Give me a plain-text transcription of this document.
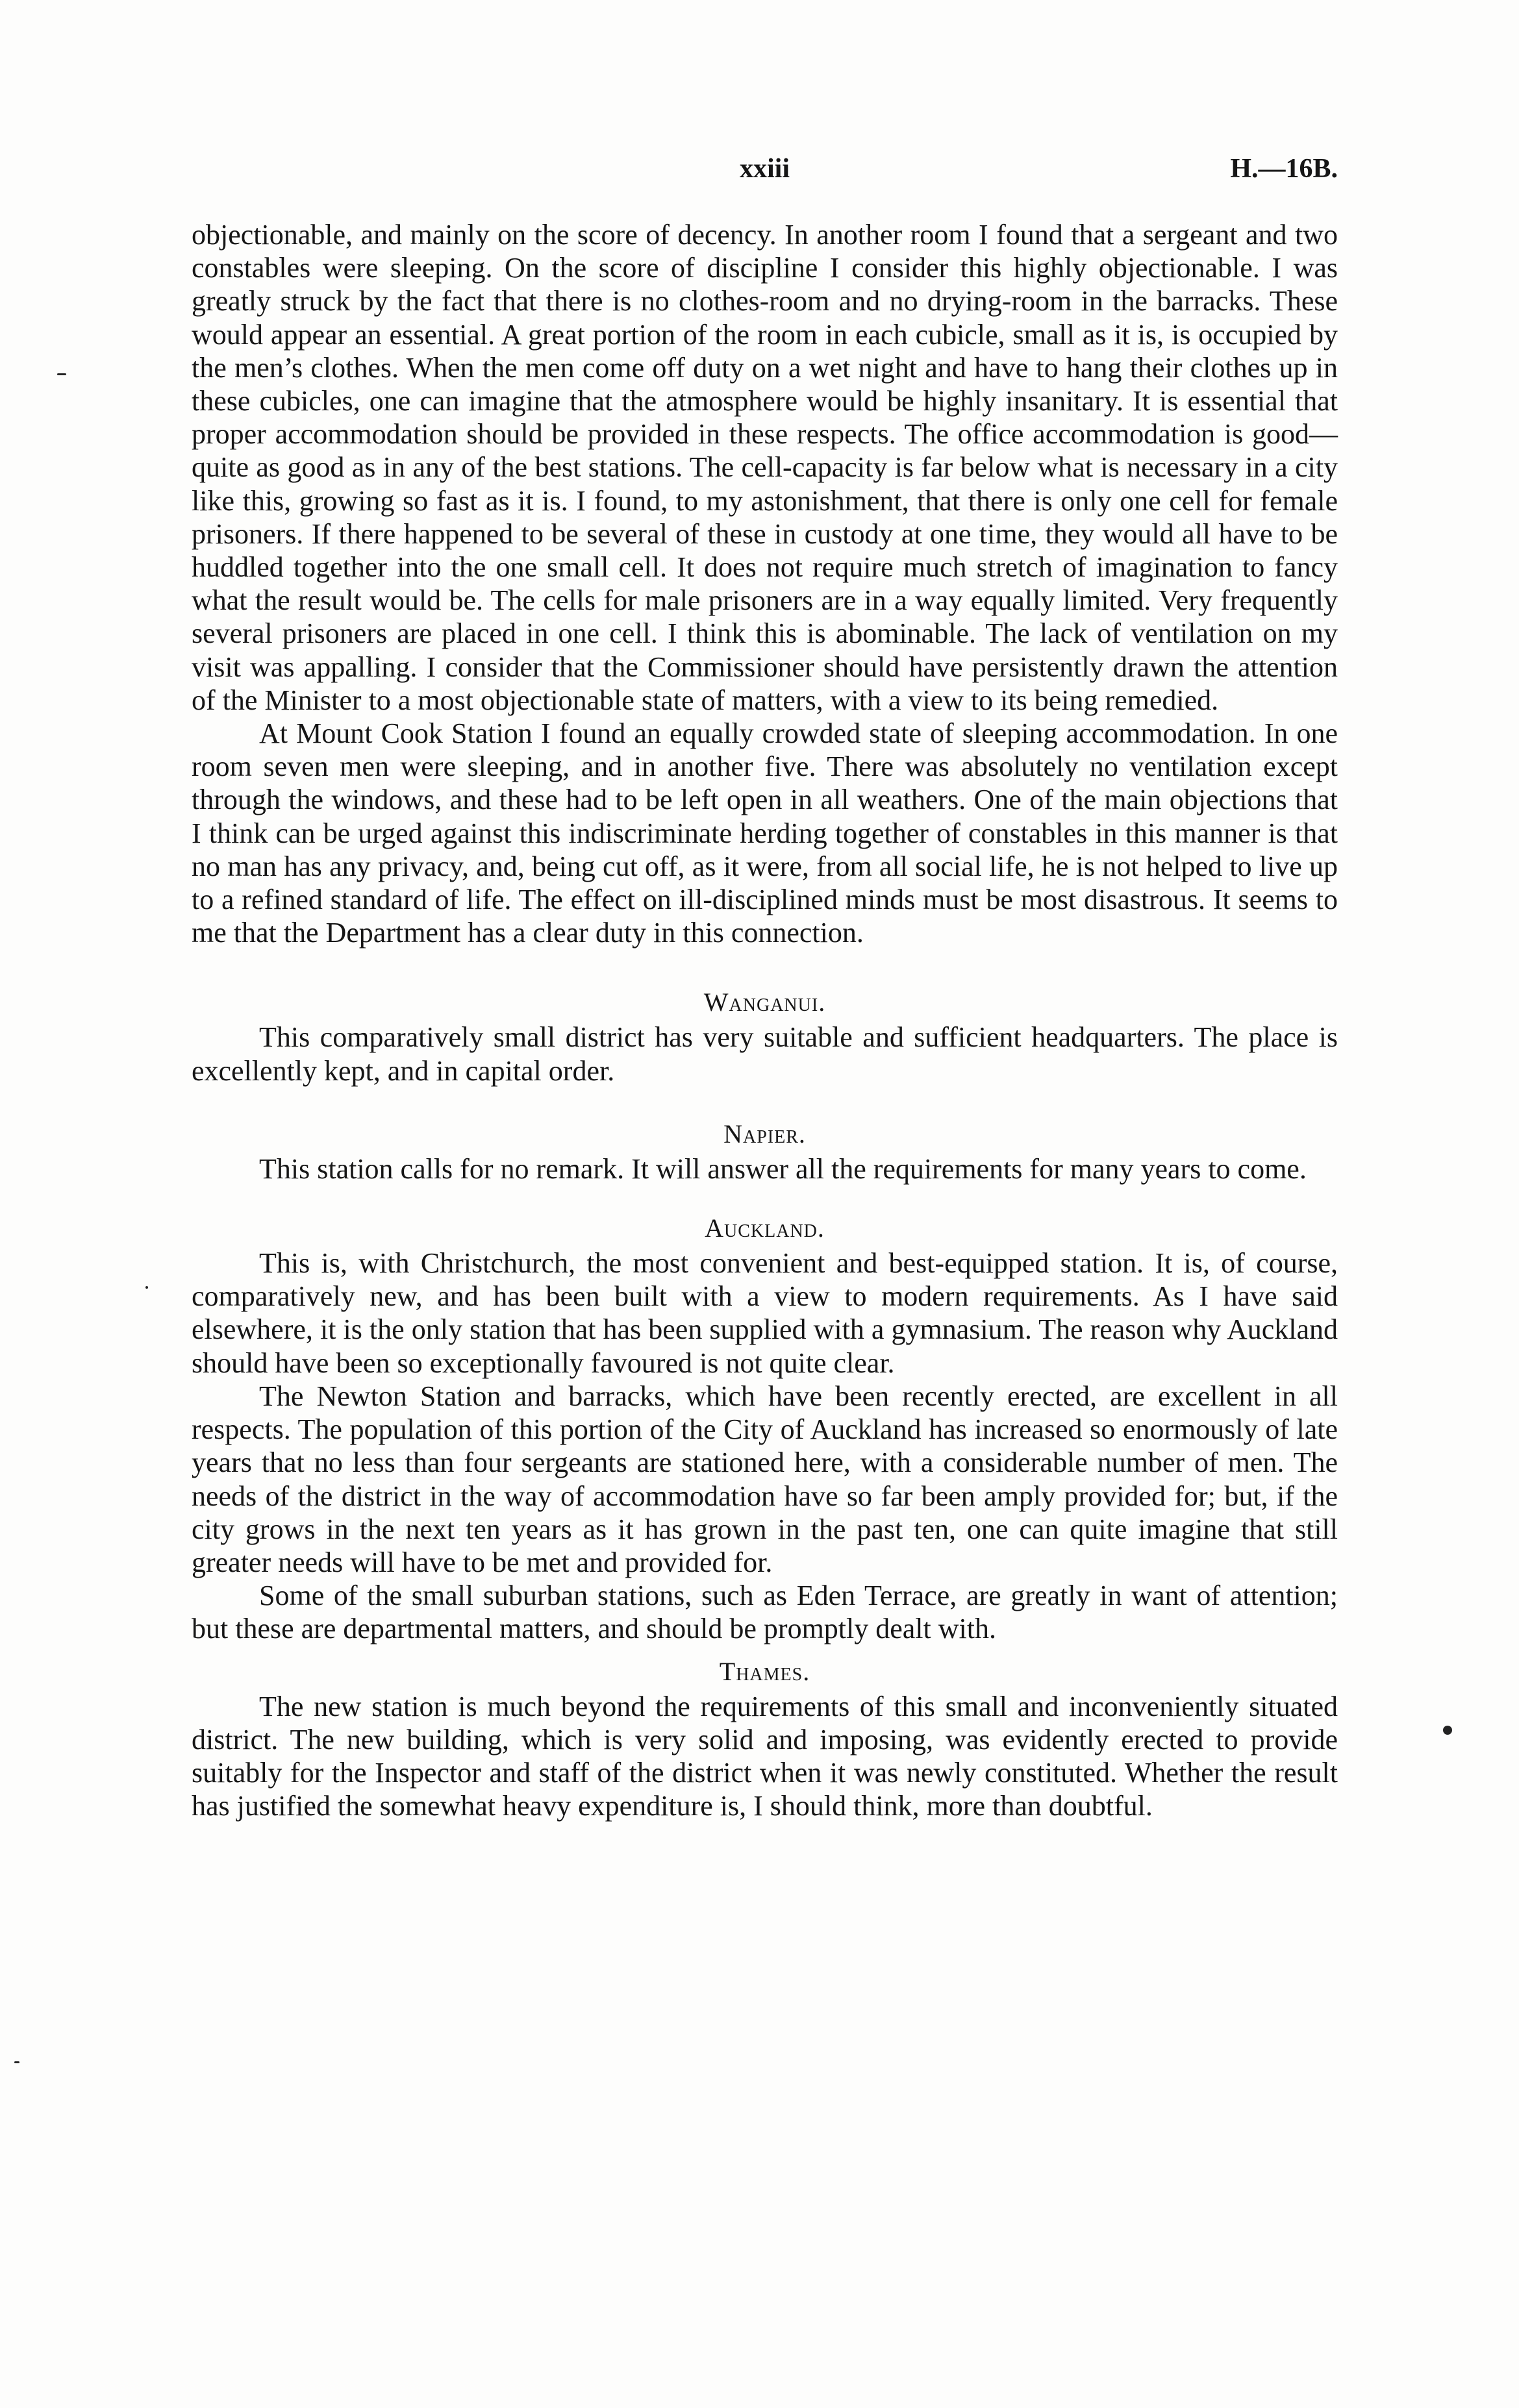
xxiii	H.—16B.

objectionable, and mainly on the score of decency. In another room I found that a sergeant and two constables were sleeping. On the score of discipline I consider this highly objectionable. I was greatly struck by the fact that there is no clothes-room and no drying-room in the barracks. These would appear an essential. A great portion of the room in each cubicle, small as it is, is occupied by the men’s clothes. When the men come off duty on a wet night and have to hang their clothes up in these cubicles, one can imagine that the atmosphere would be highly insanitary. It is essential that proper accommodation should be provided in these respects. The office accommodation is good—quite as good as in any of the best stations. The cell-capacity is far below what is necessary in a city like this, growing so fast as it is. I found, to my astonishment, that there is only one cell for female prisoners. If there happened to be several of these in custody at one time, they would all have to be huddled together into the one small cell. It does not require much stretch of imagination to fancy what the result would be. The cells for male prisoners are in a way equally limited. Very frequently several prisoners are placed in one cell. I think this is abominable. The lack of ventilation on my visit was appalling. I consider that the Commissioner should have persistently drawn the attention of the Minister to a most objectionable state of matters, with a view to its being remedied.

At Mount Cook Station I found an equally crowded state of sleeping accommodation. In one room seven men were sleeping, and in another five. There was absolutely no ventilation except through the windows, and these had to be left open in all weathers. One of the main objections that I think can be urged against this indiscriminate herding together of constables in this manner is that no man has any privacy, and, being cut off, as it were, from all social life, he is not helped to live up to a refined standard of life. The effect on ill-disciplined minds must be most disastrous. It seems to me that the Department has a clear duty in this connection.

Wanganui.

This comparatively small district has very suitable and sufficient headquarters. The place is excellently kept, and in capital order.

Napier.

This station calls for no remark. It will answer all the requirements for many years to come.

Auckland.

This is, with Christchurch, the most convenient and best-equipped station. It is, of course, comparatively new, and has been built with a view to modern requirements. As I have said elsewhere, it is the only station that has been supplied with a gymnasium. The reason why Auckland should have been so exceptionally favoured is not quite clear.

The Newton Station and barracks, which have been recently erected, are excellent in all respects. The population of this portion of the City of Auckland has increased so enormously of late years that no less than four sergeants are stationed here, with a considerable number of men. The needs of the district in the way of accommodation have so far been amply provided for; but, if the city grows in the next ten years as it has grown in the past ten, one can quite imagine that still greater needs will have to be met and provided for.

Some of the small suburban stations, such as Eden Terrace, are greatly in want of attention; but these are departmental matters, and should be promptly dealt with.

Thames.

The new station is much beyond the requirements of this small and inconveniently situated district. The new building, which is very solid and imposing, was evidently erected to provide suitably for the Inspector and staff of the district when it was newly constituted. Whether the result has justified the somewhat heavy expenditure is, I should think, more than doubtful.
